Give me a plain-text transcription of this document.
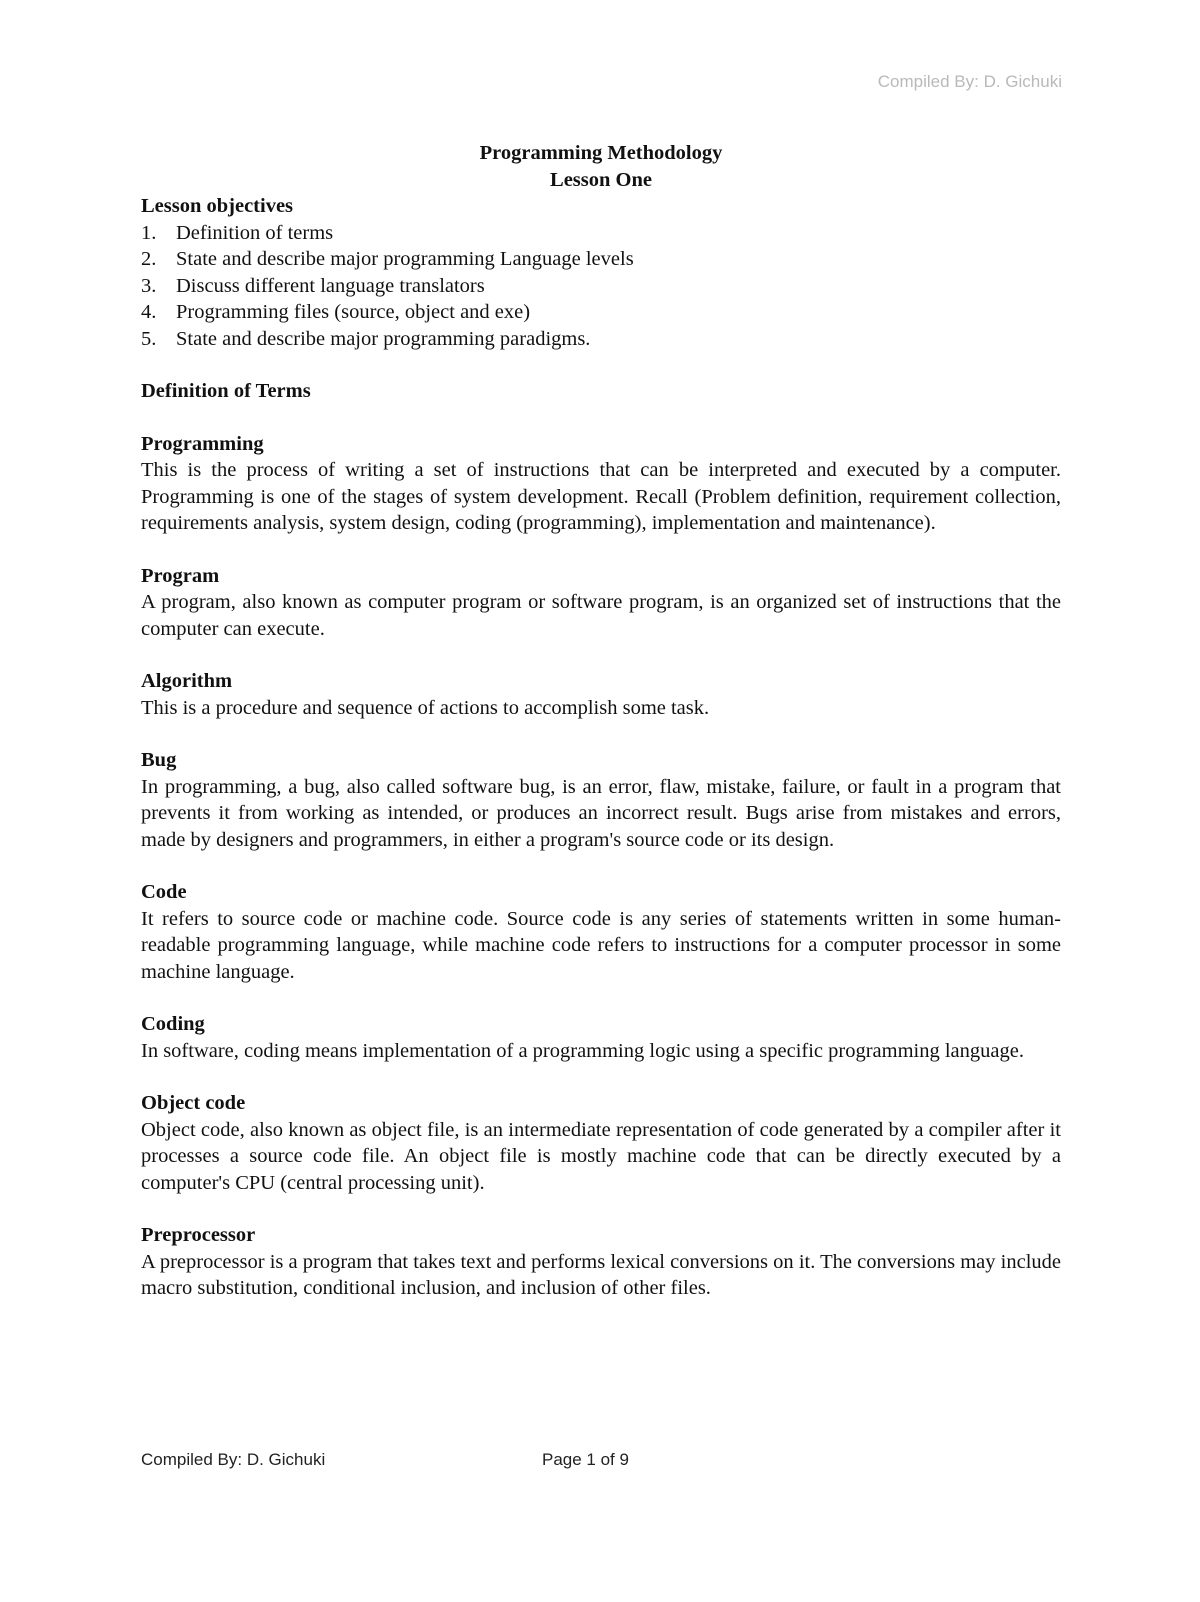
Compiled By: D. Gichuki

Programming Methodology

Lesson One

Lesson objectives

1. Definition of terms
2. State and describe major programming Language levels
3. Discuss different language translators
4. Programming files (source, object and exe)
5. State and describe major programming paradigms.

Definition of Terms

Programming

This is the process of writing a set of instructions that can be interpreted and executed by a computer. Programming is one of the stages of system development. Recall (Problem definition, requirement collection, requirements analysis, system design, coding (programming), implementation and maintenance).

Program

A program, also known as computer program or software program, is an organized set of instructions that the computer can execute.

Algorithm

This is a procedure and sequence of actions to accomplish some task.

Bug

In programming, a bug, also called software bug, is an error, flaw, mistake, failure, or fault in a program that prevents it from working as intended, or produces an incorrect result. Bugs arise from mistakes and errors, made by designers and programmers, in either a program's source code or its design.

Code

It refers to source code or machine code. Source code is any series of statements written in some human-readable programming language, while machine code refers to instructions for a computer processor in some machine language.

Coding

In software, coding means implementation of a programming logic using a specific programming language.

Object code

Object code, also known as object file, is an intermediate representation of code generated by a compiler after it processes a source code file. An object file is mostly machine code that can be directly executed by a computer's CPU (central processing unit).

Preprocessor

A preprocessor is a program that takes text and performs lexical conversions on it. The conversions may include macro substitution, conditional inclusion, and inclusion of other files.

Compiled By: D. Gichuki	Page 1 of 9
